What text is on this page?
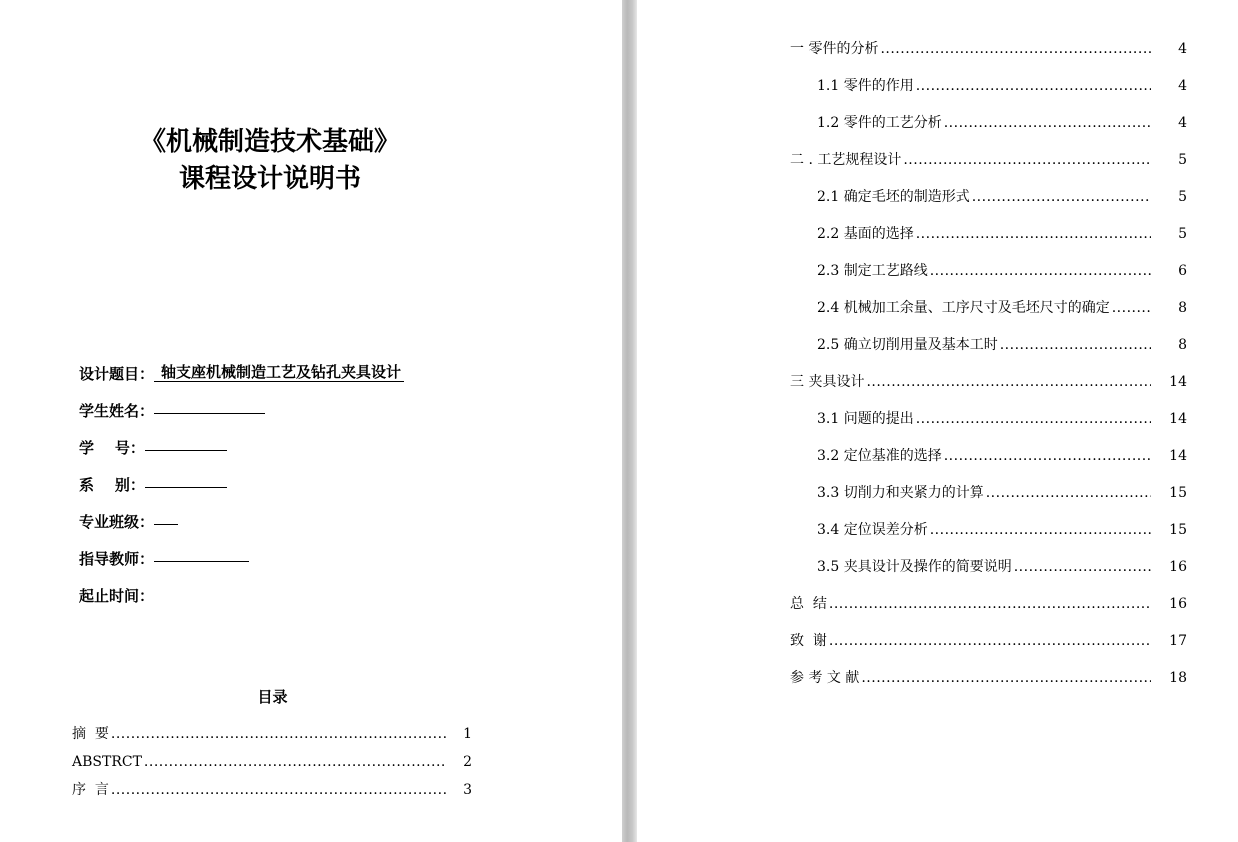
《机械制造技术基础》
课程设计说明书
设计题目： 轴支座机械制造工艺及钻孔夹具设计
学生姓名：
学    号：
系    别：
专业班级：
指导教师：
起止时间：
目录
摘  要 .....	1
ABSTRCT .....	2
序  言 .....	3
一 零件的分析 .....	4
1.1 零件的作用 .....	4
1.2 零件的工艺分析 .....	4
二 . 工艺规程设计 .....	5
2.1 确定毛坯的制造形式 .....	5
2.2 基面的选择 .....	5
2.3 制定工艺路线 .....	6
2.4 机械加工余量、工序尺寸及毛坯尺寸的确定 .....	8
2.5 确立切削用量及基本工时 .....	8
三 夹具设计 .....	14
3.1 问题的提出 .....	14
3.2 定位基准的选择 .....	14
3.3 切削力和夹紧力的计算 .....	15
3.4 定位误差分析 .....	15
3.5 夹具设计及操作的简要说明 .....	16
总  结 .....	16
致  谢 .....	17
参 考 文 献 .....	18
